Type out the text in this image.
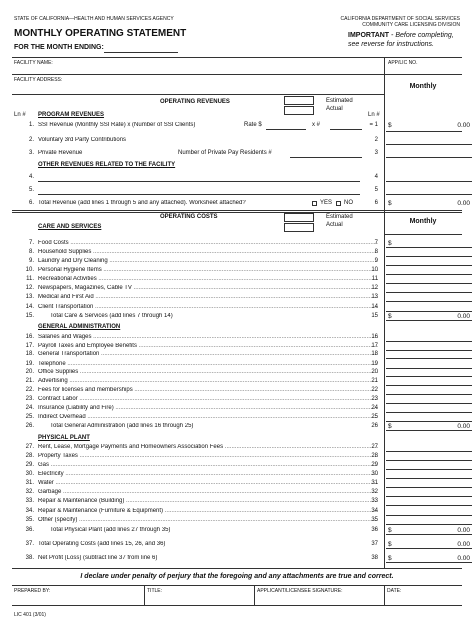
STATE OF CALIFORNIA—HEALTH AND HUMAN SERVICES AGENCY	CALIFORNIA DEPARTMENT OF SOCIAL SERVICES
COMMUNITY CARE LICENSING DIVISION
MONTHLY OPERATING STATEMENT	IMPORTANT - Before completing,
see reverse for instructions.
FOR THE MONTH ENDING:
FACILITY NAME:	APP/LIC NO.
FACILITY ADDRESS:
Monthly
OPERATING REVENUES	Estimated Actual
Ln #	Ln #
PROGRAM REVENUES
1. SSI Revenue (Monthly SSI Rate) x (Number of SSI Clients)	Rate $	x #	= 1 $	0.00
2. Voluntary 3rd Party Contributions	2
3. Private Revenue	Number of Private Pay Residents #	3
OTHER REVENUES RELATED TO THE FACILITY
4.	4
5.	5
6. Total Revenue (add lines 1 through 5 and any attached). Worksheet attached?	YES NO	6 $	0.00
OPERATING COSTS	Estimated Actual	Monthly
CARE AND SERVICES
7. Food Costs .....	7 $
8. Household Supplies .....	8
9. Laundry and Dry Cleaning .....	9
10. Personal Hygiene Items .....	10
11. Recreational Activities .....	11
12. Newspapers, Magazines, Cable TV .....	12
13. Medical and First Aid .....	13
14. Client Transportation .....	14
15.	Total Care & Services (add lines 7 through 14)	15 $	0.00
16. Salaries and Wages .....	16
17. Payroll Taxes and Employee Benefits .....	17
18. General Transportation .....	18
19. Telephone .....	19
20. Office Supplies .....	20
21. Advertising .....	21
22. Fees for licenses and memberships .....	22
23. Contract Labor .....	23
24. Insurance (Liability and Fire) .....	24
25. Indirect Overhead .....	25
26.	Total General Administration (add lines 16 through 25)	26 $	0.00
27. Rent, Lease, Mortgage Payments and Homeowners Association Fees .....	27
28. Property Taxes .....	28
29. Gas .....	29
30. Electricity .....	30
31. Water .....	31
32. Garbage .....	32
33. Repair & Maintenance (Building) .....	33
34. Repair & Maintenance (Furniture & Equipment) .....	34
35. Other (specify) .....	35
36.	Total Physical Plant (add lines 27 through 35)	36 $	0.00
37. Total Operating Costs (add lines 15, 26, and 36)	37 $	0.00
38. Net Profit (Loss) (subtract line 37 from line 6)	38 $	0.00
GENERAL ADMINISTRATION
PHYSICAL PLANT
I declare under penalty of perjury that the foregoing and any attachments are true and correct.
PREPARED BY:	TITLE:	APPLICANT/LICENSEE SIGNATURE:	DATE:
LIC 401 (3/01)
